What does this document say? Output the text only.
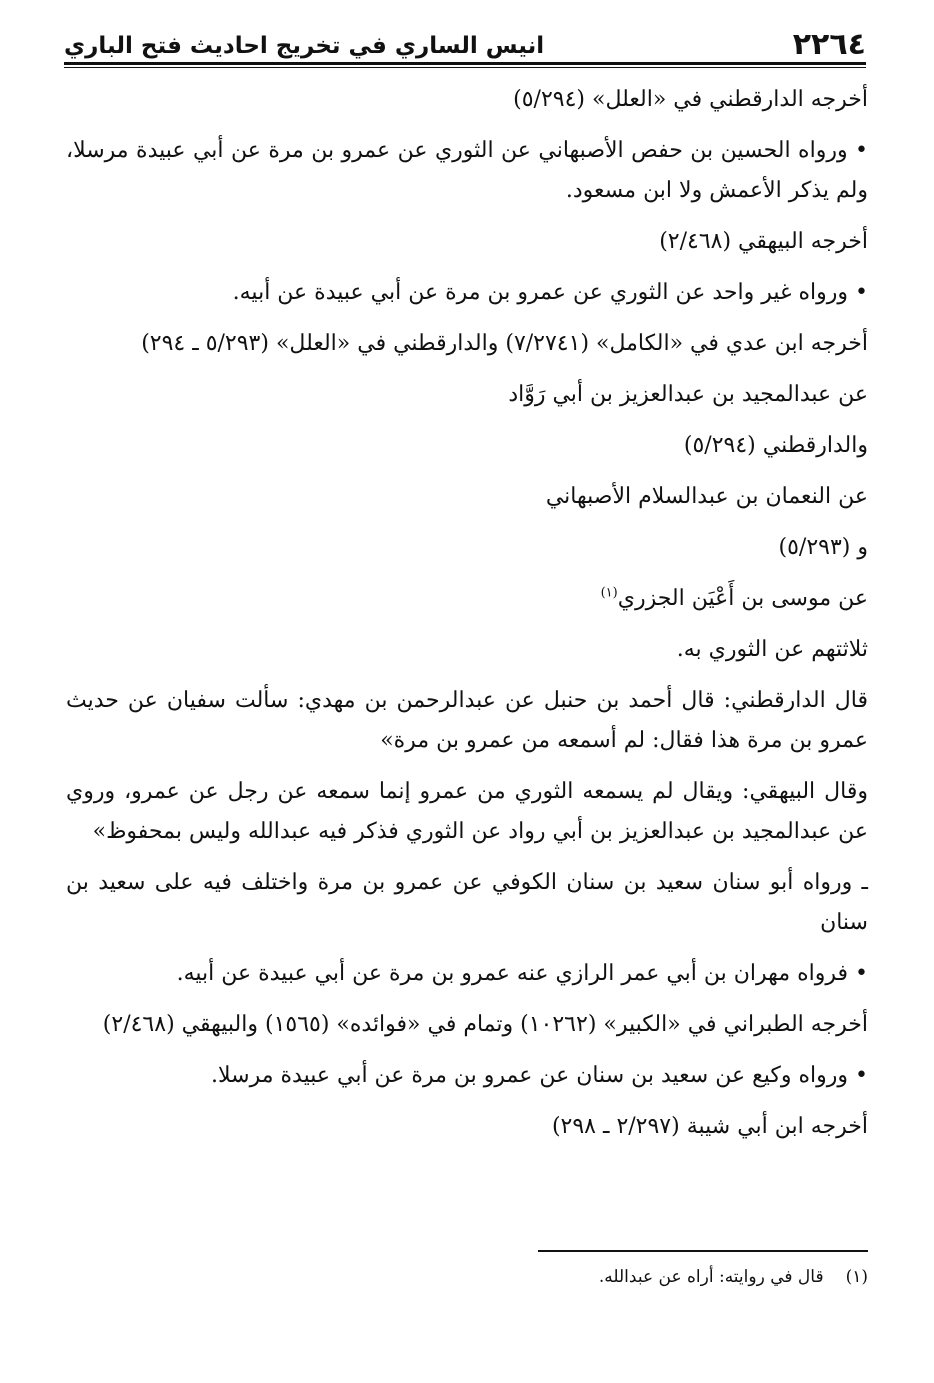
٢٢٦٤
انيس الساري في تخريج احاديث فتح الباري

أخرجه الدارقطني في «العلل» (٥/٢٩٤)

• ورواه الحسين بن حفص الأصبهاني عن الثوري عن عمرو بن مرة عن أبي عبيدة مرسلا، ولم يذكر الأعمش ولا ابن مسعود.

أخرجه البيهقي (٢/٤٦٨)

• ورواه غير واحد عن الثوري عن عمرو بن مرة عن أبي عبيدة عن أبيه.

أخرجه ابن عدي في «الكامل» (٧/٢٧٤١) والدارقطني في «العلل» (٥/٢٩٣ ـ ٢٩٤)

عن عبدالمجيد بن عبدالعزيز بن أبي رَوَّاد

والدارقطني (٥/٢٩٤)

عن النعمان بن عبدالسلام الأصبهاني

و (٥/٢٩٣)

عن موسى بن أَعْيَن الجزري$^{(١)}$

ثلاثتهم عن الثوري به.

قال الدارقطني: قال أحمد بن حنبل عن عبدالرحمن بن مهدي: سألت سفيان عن حديث عمرو بن مرة هذا فقال: لم أسمعه من عمرو بن مرة»

وقال البيهقي: ويقال لم يسمعه الثوري من عمرو إنما سمعه عن رجل عن عمرو، وروي عن عبدالمجيد بن عبدالعزيز بن أبي رواد عن الثوري فذكر فيه عبدالله وليس بمحفوظ»

ـ ورواه أبو سنان سعيد بن سنان الكوفي عن عمرو بن مرة واختلف فيه على سعيد بن سنان

• فرواه مهران بن أبي عمر الرازي عنه عمرو بن مرة عن أبي عبيدة عن أبيه.

أخرجه الطبراني في «الكبير» (١٠٢٦٢) وتمام في «فوائده» (١٥٦٥) والبيهقي (٢/٤٦٨)

• ورواه وكيع عن سعيد بن سنان عن عمرو بن مرة عن أبي عبيدة مرسلا.

أخرجه ابن أبي شيبة (٢/٢٩٧ ـ ٢٩٨)

(١)قال في روايته: أراه عن عبدالله.
